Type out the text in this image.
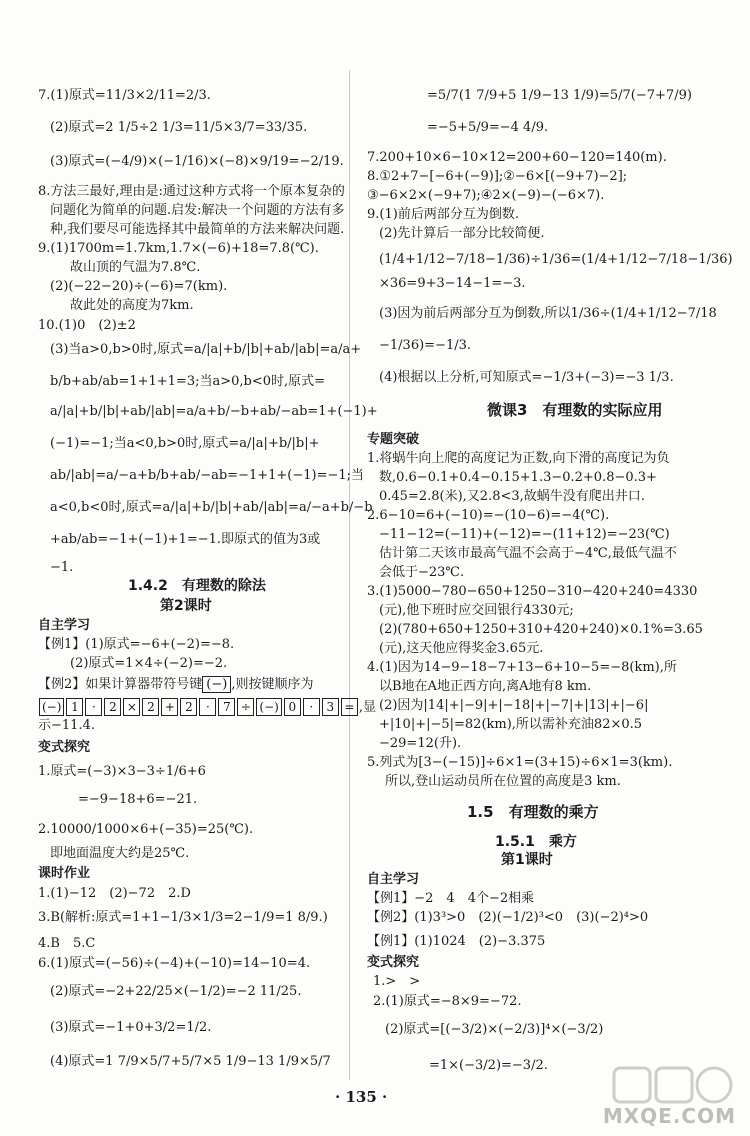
7.(1)原式=11/3×2/11=2/3.
(2)原式=2 1/5÷2 1/3=11/5×3/7=33/35.
(3)原式=(−4/9)×(−1/16)×(−8)×9/19=−2/19.
8.方法三最好,理由是:通过这种方式将一个原本复杂的
问题化为简单的问题.启发:解决一个问题的方法有多
种,我们要尽可能选择其中最简单的方法来解决问题.
9.(1)1700m=1.7km,1.7×(−6)+18=7.8(℃).
故山顶的气温为7.8℃.
(2)(−22−20)÷(−6)=7(km).
故此处的高度为7km.
10.(1)0　(2)±2
(3)当a>0,b>0时,原式=a/|a|+b/|b|+ab/|ab|=a/a+
b/b+ab/ab=1+1+1=3;当a>0,b<0时,原式=
a/|a|+b/|b|+ab/|ab|=a/a+b/−b+ab/−ab=1+(−1)+
(−1)=−1;当a<0,b>0时,原式=a/|a|+b/|b|+
ab/|ab|=a/−a+b/b+ab/−ab=−1+1+(−1)=−1;当
a<0,b<0时,原式=a/|a|+b/|b|+ab/|ab|=a/−a+b/−b
+ab/ab=−1+(−1)+1=−1.即原式的值为3或
−1.
1.4.2　有理数的除法
第2课时
自主学习
【例1】(1)原式=−6+(−2)=−8.
(2)原式=1×4÷(−2)=−2.
【例2】如果计算器带符号键 (−) ,则按键顺序为
(−) 1 · 2 × 2 + 2 · 7 ÷ (−) 0 · 3 = ,显
示−11.4.
变式探究
1.原式=(−3)×3−3÷1/6+6
=−9−18+6=−21.
2.10000/1000×6+(−35)=25(℃).
即地面温度大约是25℃.
课时作业
1.(1)−12　(2)−72　2.D
3.B(解析:原式=1+1−1/3×1/3=2−1/9=1 8/9.)
4.B　5.C
6.(1)原式=(−56)÷(−4)+(−10)=14−10=4.
(2)原式=−2+22/25×(−1/2)=−2 11/25.
(3)原式=−1+0+3/2=1/2.
(4)原式=1 7/9×5/7+5/7×5 1/9−13 1/9×5/7
=5/7(1 7/9+5 1/9−13 1/9)=5/7(−7+7/9)
=−5+5/9=−4 4/9.
7.200+10×6−10×12=200+60−120=140(m).
8.①2+7−[−6+(−9)];②−6×[(−9+7)−2];
③−6×2×(−9+7);④2×(−9)−(−6×7).
9.(1)前后两部分互为倒数.
(2)先计算后一部分比较简便.
(1/4+1/12−7/18−1/36)÷1/36=(1/4+1/12−7/18−1/36)
×36=9+3−14−1=−3.
(3)因为前后两部分互为倒数,所以1/36÷(1/4+1/12−7/18
−1/36)=−1/3.
(4)根据以上分析,可知原式=−1/3+(−3)=−3 1/3.
微课3　有理数的实际应用
专题突破
1.将蜗牛向上爬的高度记为正数,向下滑的高度记为负
数,0.6−0.1+0.4−0.15+1.3−0.2+0.8−0.3+
0.45=2.8(米),又2.8<3,故蜗牛没有爬出井口.
2.6−10=6+(−10)=−(10−6)=−4(℃).
−11−12=(−11)+(−12)=−(11+12)=−23(℃)
估计第二天该市最高气温不会高于−4℃,最低气温不
会低于−23℃.
3.(1)5000−780−650+1250−310−420+240=4330
(元),他下班时应交回银行4330元;
(2)(780+650+1250+310+420+240)×0.1%=3.65
(元),这天他应得奖金3.65元.
4.(1)因为14−9−18−7+13−6+10−5=−8(km),所
以B地在A地正西方向,离A地有8 km.
(2)因为|14|+|−9|+|−18|+|−7|+|13|+|−6|
+|10|+|−5|=82(km),所以需补充油82×0.5
−29=12(升).
5.列式为[3−(−15)]÷6×1=(3+15)÷6×1=3(km).
所以,登山运动员所在位置的高度是3 km.
1.5　有理数的乘方
1.5.1　乘方
第1课时
自主学习
【例1】−2　4　4个−2相乘
【例2】(1)3³>0　(2)(−1/2)³<0　(3)(−2)⁴>0
【例1】(1)1024　(2)−3.375
变式探究
1.>　>
2.(1)原式=−8×9=−72.
(2)原式=[(−3/2)×(−2/3)]⁴×(−3/2)
=1×(−3/2)=−3/2.
· 135 ·
MXQE.COM
